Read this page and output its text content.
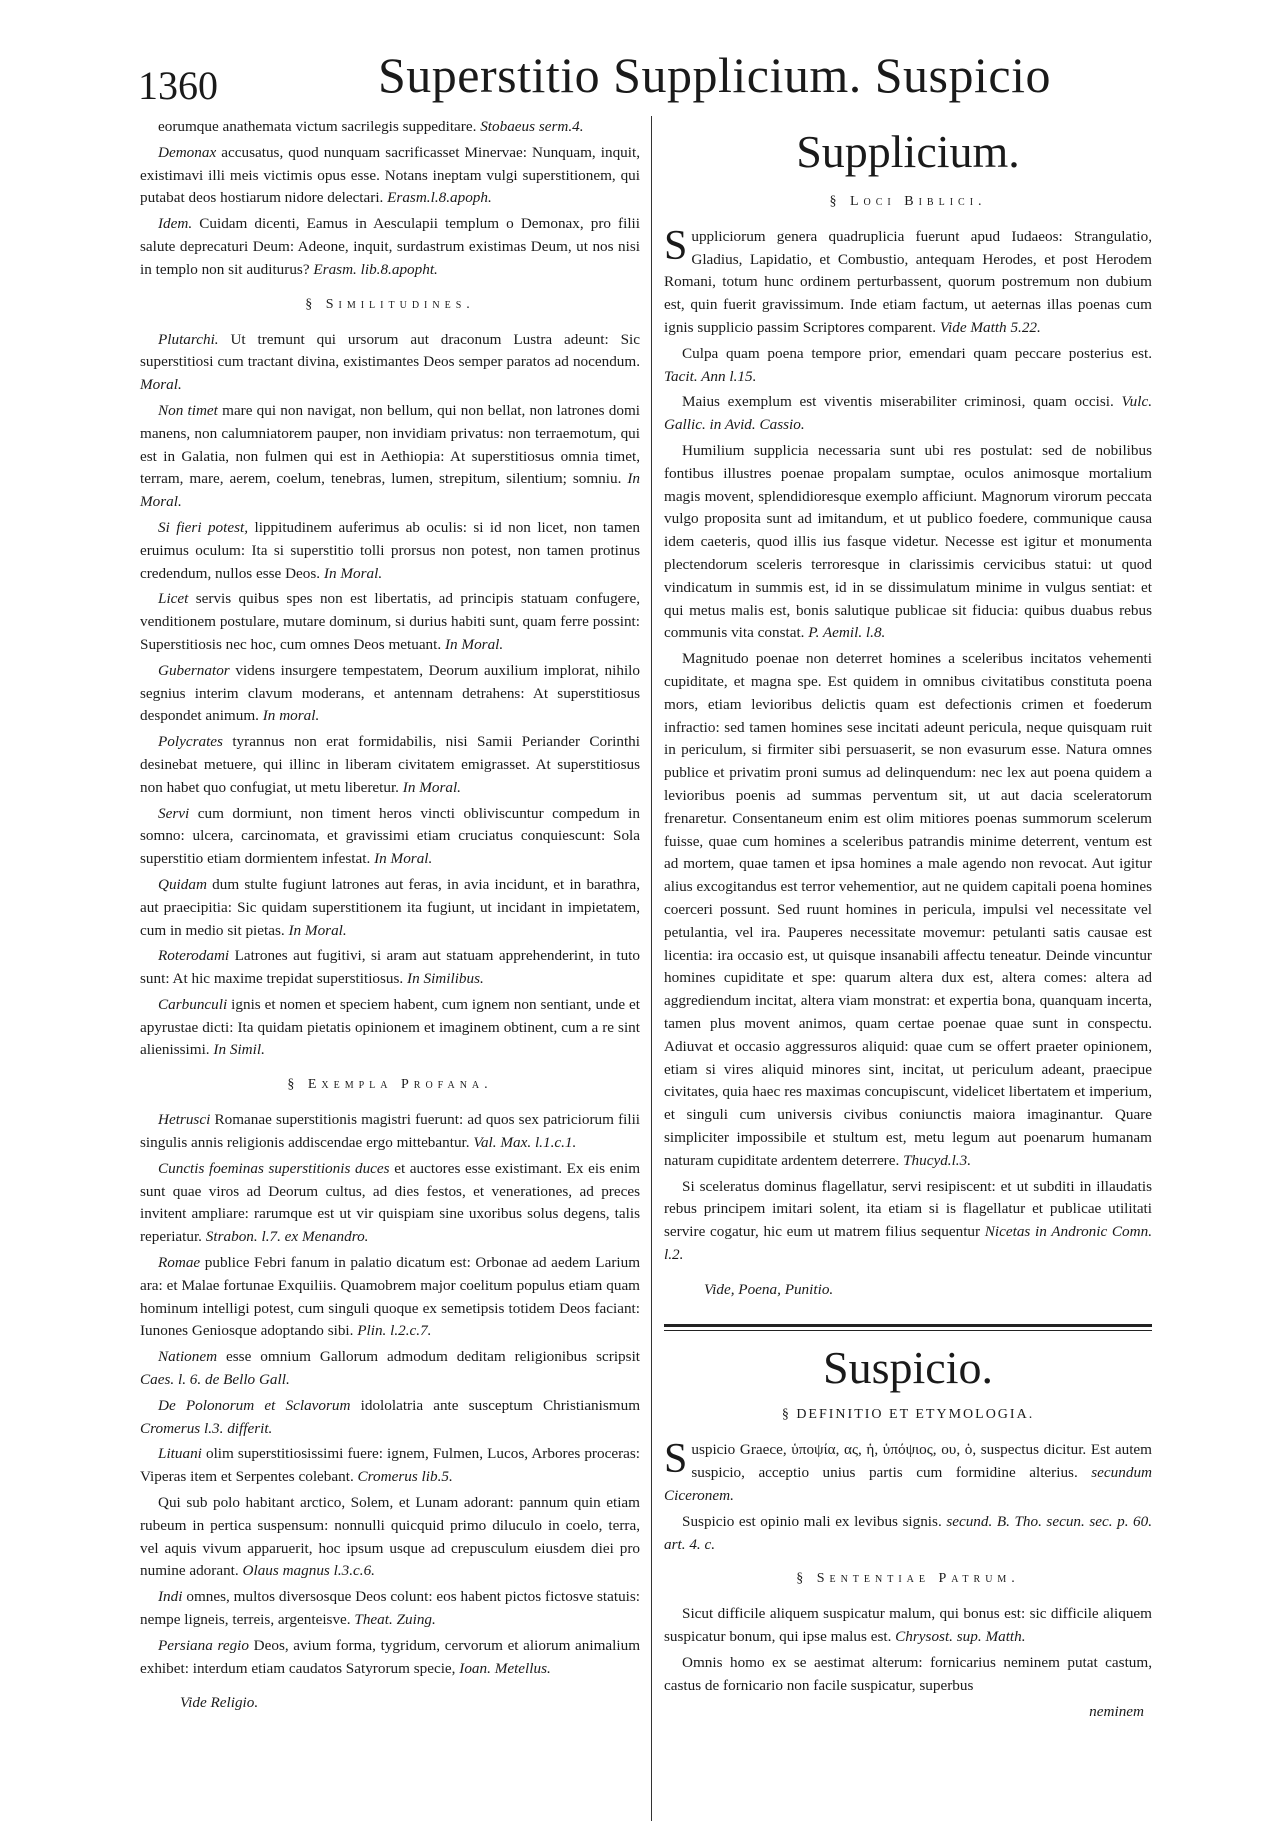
1360	Superstitio Supplicium. Suspicio

eorumque anathemata victum sacrilegis suppeditare. Stobaeus serm.4.

Demonax accusatus, quod nunquam sacrificasset Minervae: Nunquam, inquit, existimavi illi meis victimis opus esse. Notans ineptam vulgi superstitionem, qui putabat deos hostiarum nidore delectari. Erasm.l.8.apoph.

Idem. Cuidam dicenti, Eamus in Aesculapii templum o Demonax, pro filii salute deprecaturi Deum: Adeone, inquit, surdastrum existimas Deum, ut nos nisi in templo non sit auditurus? Erasm. lib.8.apopht.

§ Similitudines.

Plutarchi. Ut tremunt qui ursorum aut draconum Lustra adeunt: Sic superstitiosi cum tractant divina, existimantes Deos semper paratos ad nocendum. Moral.

Non timet mare qui non navigat, non bellum, qui non bellat, non latrones domi manens, non calumniatorem pauper, non invidiam privatus: non terraemotum, qui est in Galatia, non fulmen qui est in Aethiopia: At superstitiosus omnia timet, terram, mare, aerem, coelum, tenebras, lumen, strepitum, silentium; somniu. In Moral.

Si fieri potest, lippitudinem auferimus ab oculis: si id non licet, non tamen eruimus oculum: Ita si superstitio tolli prorsus non potest, non tamen protinus credendum, nullos esse Deos. In Moral.

Licet servis quibus spes non est libertatis, ad principis statuam confugere, venditionem postulare, mutare dominum, si durius habiti sunt, quam ferre possint: Superstitiosis nec hoc, cum omnes Deos metuant. In Moral.

Gubernator videns insurgere tempestatem, Deorum auxilium implorat, nihilo segnius interim clavum moderans, et antennam detrahens: At superstitiosus despondet animum. In moral.

Polycrates tyrannus non erat formidabilis, nisi Samii Periander Corinthi desinebat metuere, qui illinc in liberam civitatem emigrasset. At superstitiosus non habet quo confugiat, ut metu liberetur. In Moral.

Servi cum dormiunt, non timent heros vincti obliviscuntur compedum in somno: ulcera, carcinomata, et gravissimi etiam cruciatus conquiescunt: Sola superstitio etiam dormientem infestat. In Moral.

Quidam dum stulte fugiunt latrones aut feras, in avia incidunt, et in barathra, aut praecipitia: Sic quidam superstitionem ita fugiunt, ut incidant in impietatem, cum in medio sit pietas. In Moral.

Roterodami Latrones aut fugitivi, si aram aut statuam apprehenderint, in tuto sunt: At hic maxime trepidat superstitiosus. In Similibus.

Carbunculi ignis et nomen et speciem habent, cum ignem non sentiant, unde et apyrustae dicti: Ita quidam pietatis opinionem et imaginem obtinent, cum a re sint alienissimi. In Simil.

§ Exempla Profana.

Hetrusci Romanae superstitionis magistri fuerunt: ad quos sex patriciorum filii singulis annis religionis addiscendae ergo mittebantur. Val. Max. l.1.c.1.

Cunctis foeminas superstitionis duces et auctores esse existimant. Ex eis enim sunt quae viros ad Deorum cultus, ad dies festos, et venerationes, ad preces invitent ampliare: rarumque est ut vir quispiam sine uxoribus solus degens, talis reperiatur. Strabon. l.7. ex Menandro.

Romae publice Febri fanum in palatio dicatum est: Orbonae ad aedem Larium ara: et Malae fortunae Exquiliis. Quamobrem major coelitum populus etiam quam hominum intelligi potest, cum singuli quoque ex semetipsis totidem Deos faciant: Iunones Geniosque adoptando sibi. Plin. l.2.c.7.

Nationem esse omnium Gallorum admodum deditam religionibus scripsit Caes. l. 6. de Bello Gall.

De Polonorum et Sclavorum idololatria ante susceptum Christianismum Cromerus l.3. differit.

Lituani olim superstitiosissimi fuere: ignem, Fulmen, Lucos, Arbores proceras: Viperas item et Serpentes colebant. Cromerus lib.5.

Qui sub polo habitant arctico, Solem, et Lunam adorant: pannum quin etiam rubeum in pertica suspensum: nonnulli quicquid primo diluculo in coelo, terra, vel aquis vivum apparuerit, hoc ipsum usque ad crepusculum eiusdem diei pro numine adorant. Olaus magnus l.3.c.6.

Indi omnes, multos diversosque Deos colunt: eos habent pictos fictosve statuis: nempe ligneis, terreis, argenteisve. Theat. Zuing.

Persiana regio Deos, avium forma, tygridum, cervorum et aliorum animalium exhibet: interdum etiam caudatos Satyrorum specie, Ioan. Metellus.

Vide Religio.

Supplicium.
§ Loci Biblici.

Suppliciorum genera quadruplicia fuerunt apud Iudaeos: Strangulatio, Gladius, Lapidatio, et Combustio, antequam Herodes, et post Herodem Romani, totum hunc ordinem perturbassent, quorum postremum non dubium est, quin fuerit gravissimum. Inde etiam factum, ut aeternas illas poenas cum ignis supplicio passim Scriptores comparent. Vide Matth 5.22.

Culpa quam poena tempore prior, emendari quam peccare posterius est. Tacit. Ann l.15.

Maius exemplum est viventis miserabiliter criminosi, quam occisi. Vulc. Gallic. in Avid. Cassio.

Humilium supplicia necessaria sunt ubi res postulat: sed de nobilibus fontibus illustres poenae propalam sumptae, oculos animosque mortalium magis movent, splendidioresque exemplo afficiunt. Magnorum virorum peccata vulgo proposita sunt ad imitandum, et ut publico foedere, communique causa idem caeteris, quod illis ius fasque videtur. Necesse est igitur et monumenta plectendorum sceleris terroresque in clarissimis cervicibus statui: ut quod vindicatum in summis est, id in se dissimulatum minime in vulgus sentiat: et qui metus malis est, bonis salutique publicae sit fiducia: quibus duabus rebus communis vita constat. P. Aemil. l.8.

Magnitudo poenae non deterret homines a sceleribus incitatos vehementi cupiditate, et magna spe. Est quidem in omnibus civitatibus constituta poena mors, etiam levioribus delictis quam est defectionis crimen et foederum infractio: sed tamen homines sese incitati adeunt pericula, neque quisquam ruit in periculum, si firmiter sibi persuaserit, se non evasurum esse. Natura omnes publice et privatim proni sumus ad delinquendum: nec lex aut poena quidem a levioribus poenis ad summas perventum sit, ut aut dacia sceleratorum frenaretur. Consentaneum enim est olim mitiores poenas summorum scelerum fuisse, quae cum homines a sceleribus patrandis minime deterrent, ventum est ad mortem, quae tamen et ipsa homines a male agendo non revocat. Aut igitur alius excogitandus est terror vehementior, aut ne quidem capitali poena homines coerceri possunt. Sed ruunt homines in pericula, impulsi vel necessitate vel petulantia, vel ira. Pauperes necessitate movemur: petulanti satis causae est licentia: ira occasio est, ut quisque insanabili affectu teneatur. Deinde vincuntur homines cupiditate et spe: quarum altera dux est, altera comes: altera ad aggrediendum incitat, altera viam monstrat: et expertia bona, quanquam incerta, tamen plus movent animos, quam certae poenae quae sunt in conspectu. Adiuvat et occasio aggressuros aliquid: quae cum se offert praeter opinionem, etiam si vires aliquid minores sint, incitat, ut periculum adeant, praecipue civitates, quia haec res maximas concupiscunt, videlicet libertatem et imperium, et singuli cum universis civibus coniunctis maiora imaginantur. Quare simpliciter impossibile et stultum est, metu legum aut poenarum humanam naturam cupiditate ardentem deterrere. Thucyd.l.3.

Si sceleratus dominus flagellatur, servi resipiscent: et ut subditi in illaudatis rebus principem imitari solent, ita etiam si is flagellatur et publicae utilitati servire cogatur, hic eum ut matrem filius sequentur Nicetas in Andronic Comn. l.2.

Vide, Poena, Punitio.

Suspicio.
§ DEFINITIO ET ETYMOLOGIA.

Suspicio Graece, ὑποψία, ας, ἡ, ὑπόψιος, ου, ὁ, suspectus dicitur. Est autem suspicio, acceptio unius partis cum formidine alterius. secundum Ciceronem.

Suspicio est opinio mali ex levibus signis. secund. B. Tho. secun. sec. p. 60. art. 4. c.

§ Sententiae Patrum.

Sicut difficile aliquem suspicatur malum, qui bonus est: sic difficile aliquem suspicatur bonum, qui ipse malus est. Chrysost. sup. Matth.

Omnis homo ex se aestimat alterum: fornicarius neminem putat castum, castus de fornicario non facile suspicatur, superbus

neminem
